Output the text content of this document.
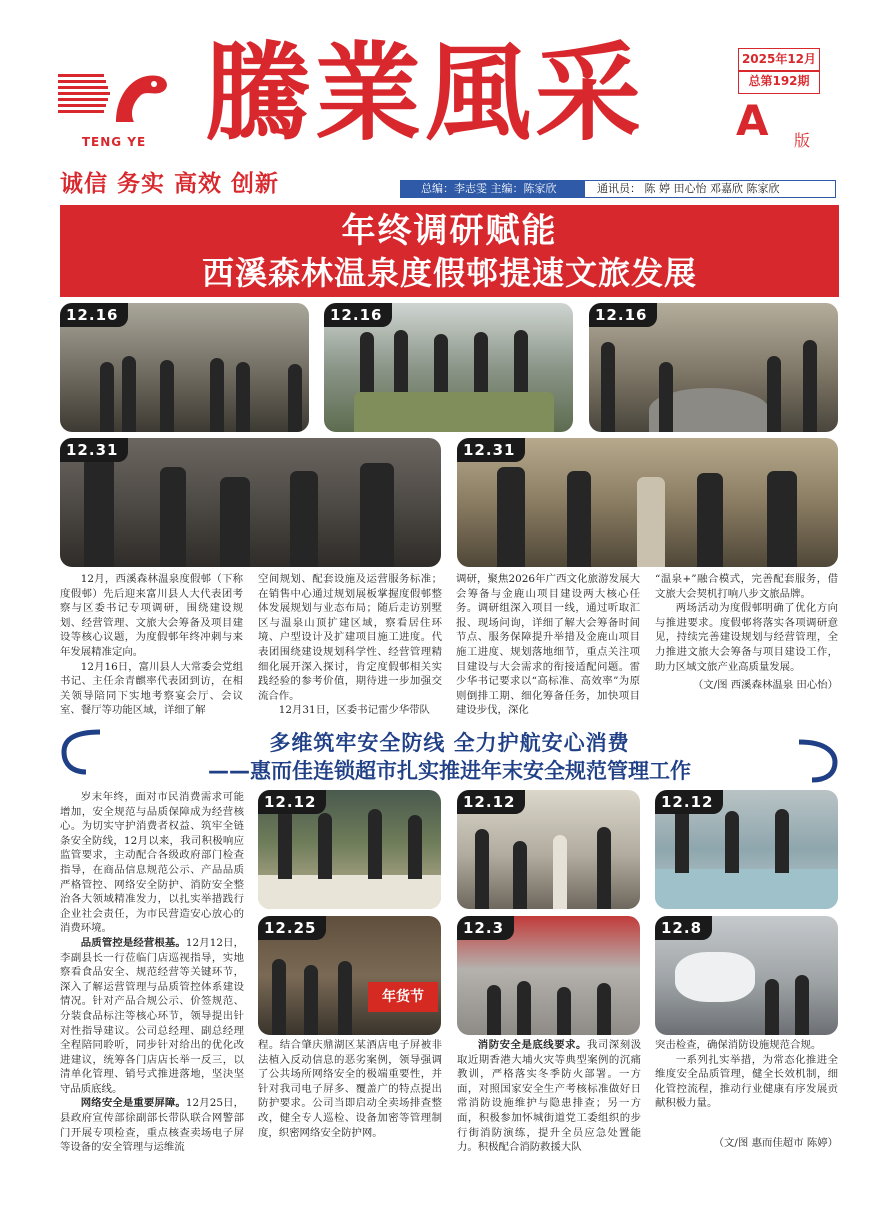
TENG YE 騰業風采	2025年12月
总第192期
A 版
诚信 务实 高效 创新	总编：李志雯 主编：陈家欣	通讯员： 陈 婷 田心怡 邓嘉欣 陈家欣
年终调研赋能
西溪森林温泉度假邨提速文旅发展
12.16	12.16	12.16
12.31	12.31

12月，西溪森林温泉度假邨（下称度假邨）先后迎来富川县人大代表团考察与区委书记专项调研，围绕建设规划、经营管理、文旅大会筹备及项目建设等核心议题，为度假邨年终冲刺与来年发展精准定向。

12月16日，富川县人大常委会党组书记、主任余青麒率代表团到访，在相关领导陪同下实地考察宴会厅、会议室、餐厅等功能区域，详细了解

空间规划、配套设施及运营服务标准；在销售中心通过规划展板掌握度假邨整体发展规划与业态布局；随后走访别墅区与温泉山顶扩建区域，察看居住环境、户型设计及扩建项目施工进度。代表团围绕建设规划科学性、经营管理精细化展开深入探讨，肯定度假邨相关实践经验的参考价值，期待进一步加强交流合作。

12月31日，区委书记雷少华带队

调研，聚焦2026年广西文化旅游发展大会筹备与金鹿山项目建设两大核心任务。调研组深入项目一线，通过听取汇报、现场问询，详细了解大会筹备时间节点、服务保障提升举措及金鹿山项目施工进度、规划落地细节，重点关注项目建设与大会需求的衔接适配问题。雷少华书记要求以“高标准、高效率”为原则倒排工期、细化筹备任务，加快项目建设步伐，深化

“温泉+”融合模式，完善配套服务，借文旅大会契机打响八步文旅品牌。

两场活动为度假邨明确了优化方向与推进要求。度假邨将落实各项调研意见，持续完善建设规划与经营管理，全力推进文旅大会筹备与项目建设工作，助力区域文旅产业高质量发展。

（文/图 西溪森林温泉 田心怡）

多维筑牢安全防线 全力护航安心消费
——惠而佳连锁超市扎实推进年末安全规范管理工作
12.12	12.12	12.12
年货节
12.25	12.3	12.8

岁末年终，面对市民消费需求可能增加，安全规范与品质保障成为经营核心。为切实守护消费者权益、筑牢全链条安全防线，12月以来，我司积极响应监管要求，主动配合各级政府部门检查指导，在商品信息规范公示、产品品质严格管控、网络安全防护、消防安全整治各大领域精准发力，以扎实举措践行企业社会责任，为市民营造安心放心的消费环境。

品质管控是经营根基。12月12日，李副县长一行莅临门店巡视指导，实地察看食品安全、规范经营等关键环节，深入了解运营管理与品质管控体系建设情况。针对产品合规公示、价签规范、分装食品标注等核心环节，领导提出针对性指导建议。公司总经理、副总经理全程陪同聆听，同步针对给出的优化改进建议，统筹各门店店长举一反三，以清单化管理、销号式推进落地，坚決坚守品质底线。

网络安全是重要屏障。12月25日，县政府宣传部徐副部长带队联合网警部门开展专项检查，重点核查卖场电子屏等设备的安全管理与运维流

程。结合肇庆鼎湖区某酒店电子屏被非法植入反动信息的恶劣案例，领导强调了公共场所网络安全的极端重要性，并针对我司电子屏多、覆盖广的特点提出防护要求。公司当即启动全卖场排查整改，健全专人巡检、设备加密等管理制度，织密网络安全防护网。

消防安全是底线要求。我司深刻汲取近期香港大埔火灾等典型案例的沉痛教训，严格落实冬季防火部署。一方面，对照国家安全生产考核标准做好日常消防设施维护与隐患排查；另一方面，积极参加怀城街道党工委组织的步行街消防演练，提升全员应急处置能力。积极配合消防救援大队

突击检查，确保消防设施规范合规。

一系列扎实举措，为常态化推进全维度安全品质管理，健全长效机制，细化管控流程，推动行业健康有序发展贡献积极力量。

（文/图 惠而佳超市 陈婷）
